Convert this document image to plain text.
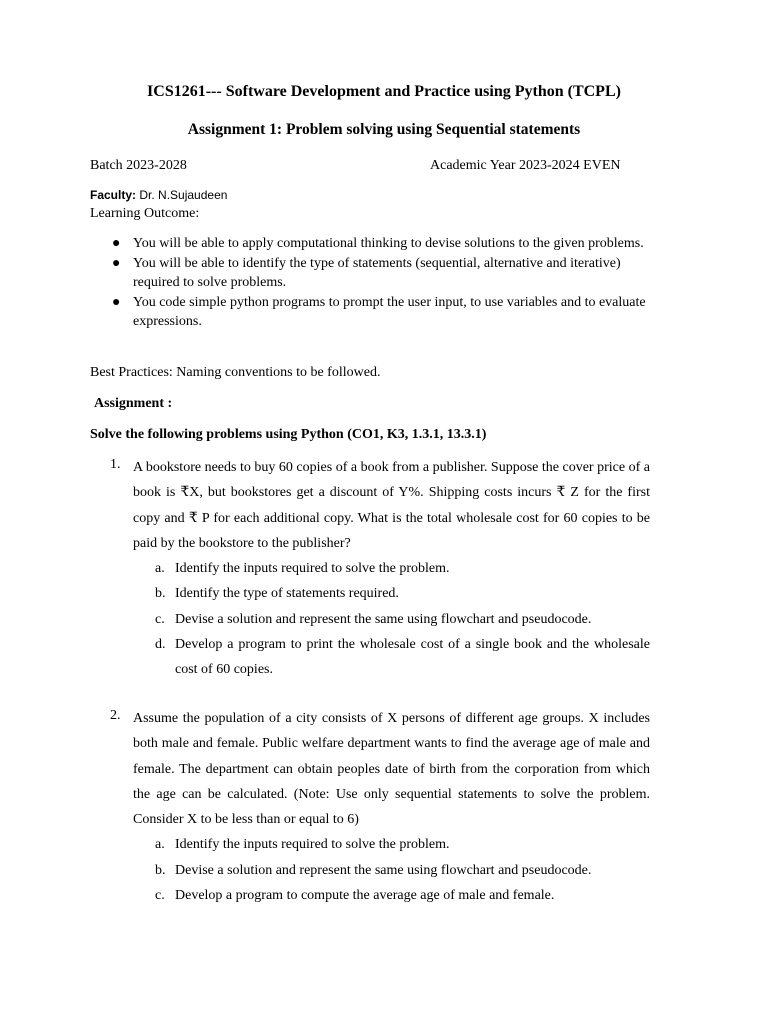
ICS1261--- Software Development and Practice using Python (TCPL)
Assignment 1: Problem solving using Sequential statements
Batch 2023-2028	Academic Year 2023-2024 EVEN
Faculty: Dr. N.Sujaudeen
Learning Outcome:
● You will be able to apply computational thinking to devise solutions to the given problems.
● You will be able to identify the type of statements (sequential, alternative and iterative) required to solve problems.
● You code simple python programs to prompt the user input, to use variables and to evaluate expressions.
Best Practices: Naming conventions to be followed.
Assignment :
Solve the following problems using Python (CO1, K3, 1.3.1, 13.3.1)
1. A bookstore needs to buy 60 copies of a book from a publisher. Suppose the cover price of a book is ₹X, but bookstores get a discount of Y%. Shipping costs incurs ₹ Z for the first copy and ₹ P for each additional copy. What is the total wholesale cost for 60 copies to be paid by the bookstore to the publisher?
a. Identify the inputs required to solve the problem.
b. Identify the type of statements required.
c. Devise a solution and represent the same using flowchart and pseudocode.
d. Develop a program to print the wholesale cost of a single book and the wholesale cost of 60 copies.
2. Assume the population of a city consists of X persons of different age groups. X includes both male and female. Public welfare department wants to find the average age of male and female. The department can obtain peoples date of birth from the corporation from which the age can be calculated. (Note: Use only sequential statements to solve the problem. Consider X to be less than or equal to 6)
a. Identify the inputs required to solve the problem.
b. Devise a solution and represent the same using flowchart and pseudocode.
c. Develop a program to compute the average age of male and female.
